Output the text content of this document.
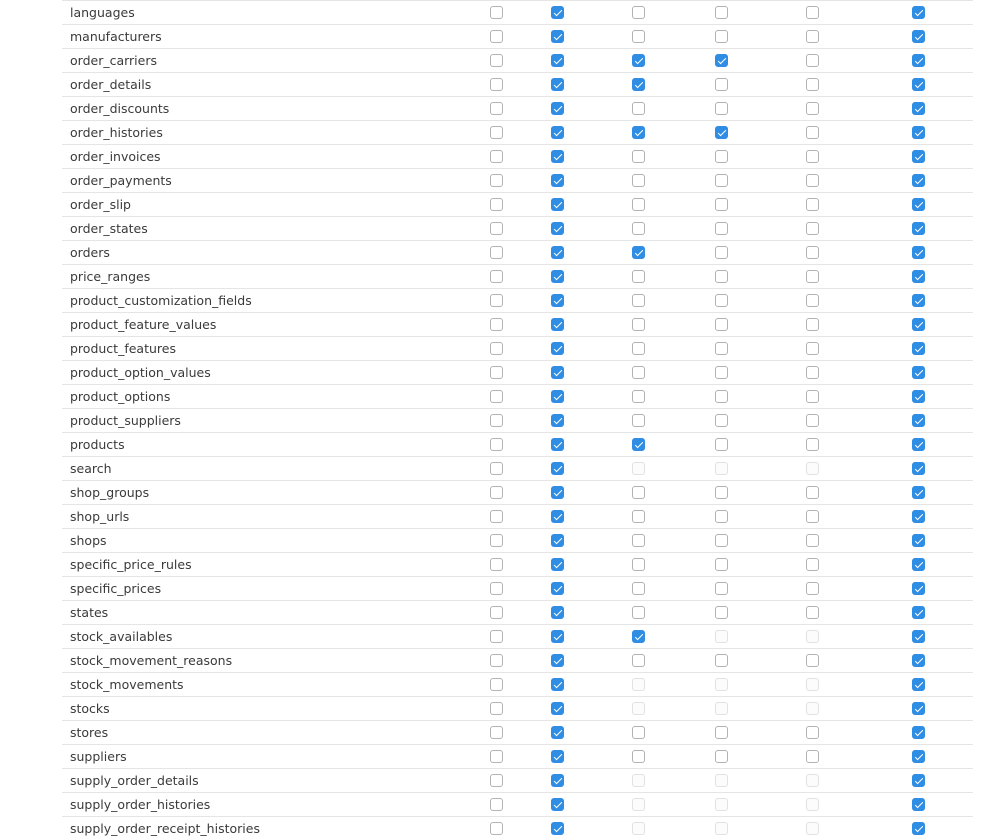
languages
manufacturers
order_carriers
order_details
order_discounts
order_histories
order_invoices
order_payments
order_slip
order_states
orders
price_ranges
product_customization_fields
product_feature_values
product_features
product_option_values
product_options
product_suppliers
products
search
shop_groups
shop_urls
shops
specific_price_rules
specific_prices
states
stock_availables
stock_movement_reasons
stock_movements
stocks
stores
suppliers
supply_order_details
supply_order_histories
supply_order_receipt_histories
